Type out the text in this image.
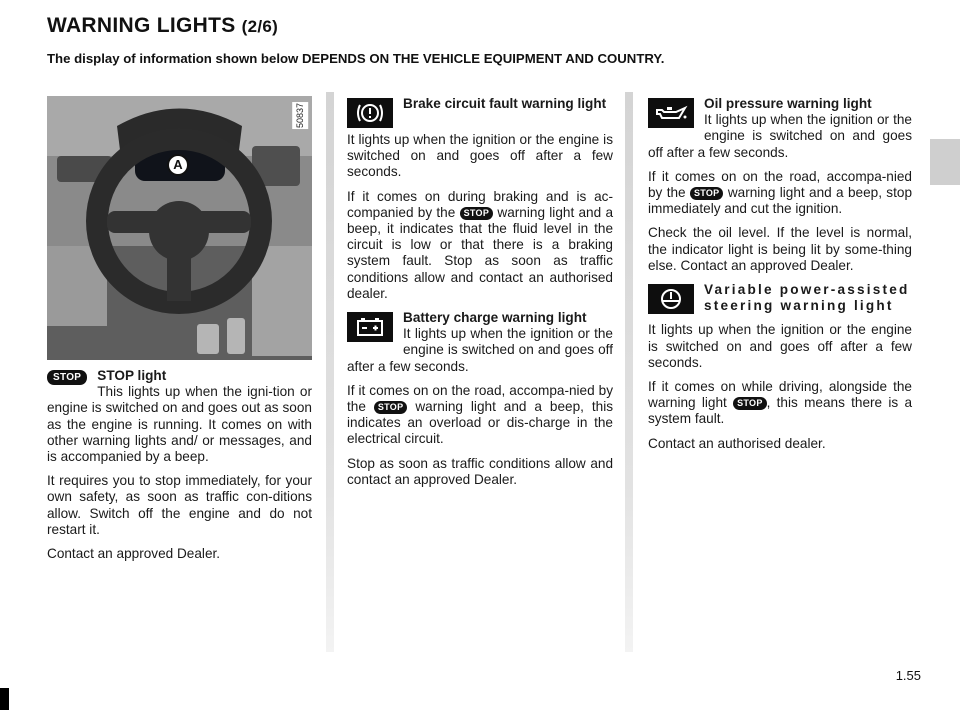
WARNING LIGHTS (2/6)
The display of information shown below DEPENDS ON THE VEHICLE EQUIPMENT AND COUNTRY.
A
50837
STOP	STOP light

This lights up when the igni-tion or engine is switched on and goes out as soon as the engine is running. It comes on with other warning lights and/ or messages, and is accompanied by a beep.

It requires you to stop immediately, for your own safety, as soon as traffic con-ditions allow. Switch off the engine and do not restart it.

Contact an approved Dealer.

Brake circuit fault warning light

It lights up when the ignition or the engine is switched on and goes off after a few seconds.

If it comes on during braking and is ac-companied by the STOP warning light and a beep, it indicates that the fluid level in the circuit is low or that there is a braking system fault. Stop as soon as traffic conditions allow and contact an authorised dealer.

Battery charge warning light

It lights up when the ignition or the engine is switched on and goes off after a few seconds.

If it comes on on the road, accompa-nied by the STOP warning light and a beep, this indicates an overload or dis-charge in the electrical circuit.

Stop as soon as traffic conditions allow and contact an approved Dealer.

Oil pressure warning light

It lights up when the ignition or the engine is switched on and goes off after a few seconds.

If it comes on on the road, accompa-nied by the STOP warning light and a beep, stop immediately and cut the ignition.

Check the oil level. If the level is normal, the indicator light is being lit by some-thing else. Contact an approved Dealer.

Variable power-assisted steering warning light

It lights up when the ignition or the engine is switched on and goes off after a few seconds.

If it comes on while driving, alongside the warning light STOP , this means there is a system fault.

Contact an authorised dealer.

1.55
